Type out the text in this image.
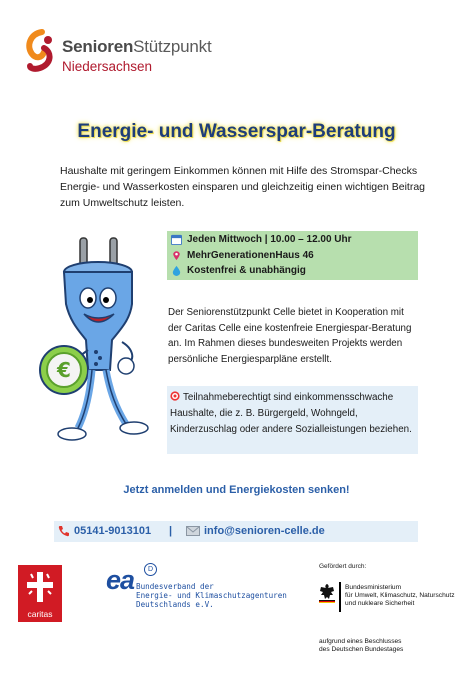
SeniorenStützpunkt
Niedersachsen
Energie- und Wasserspar-Beratung
Haushalte mit geringem Einkommen können mit Hilfe des Stromspar-Checks Energie- und Wasserkosten einsparen und gleichzeitig einen wichtigen Beitrag zum Umweltschutz leisten.
€
Jeden Mittwoch | 10.00 – 12.00 Uhr
MehrGenerationenHaus 46
Kostenfrei & unabhängig
Der Seniorenstützpunkt Celle bietet in Kooperation mit der Caritas Celle eine kostenfreie Energiespar-Beratung an. Im Rahmen dieses bundesweiten Projekts werden persönliche Energiesparpläne erstellt.
Teilnahmeberechtigt sind einkommensschwache Haushalte, die z. B. Bürgergeld, Wohngeld, Kinderzuschlag oder andere Sozialleistungen beziehen.
Jetzt anmelden und Energiekosten senken!
05141-9013101 |	info@senioren-celle.de
caritas
ea	D
Bundesverband der
Energie- und Klimaschutzagenturen
Deutschlands e.V.
Gefördert durch:
Bundesministerium
für Umwelt, Klimaschutz, Naturschutz
und nukleare Sicherheit
aufgrund eines Beschlusses
des Deutschen Bundestages
